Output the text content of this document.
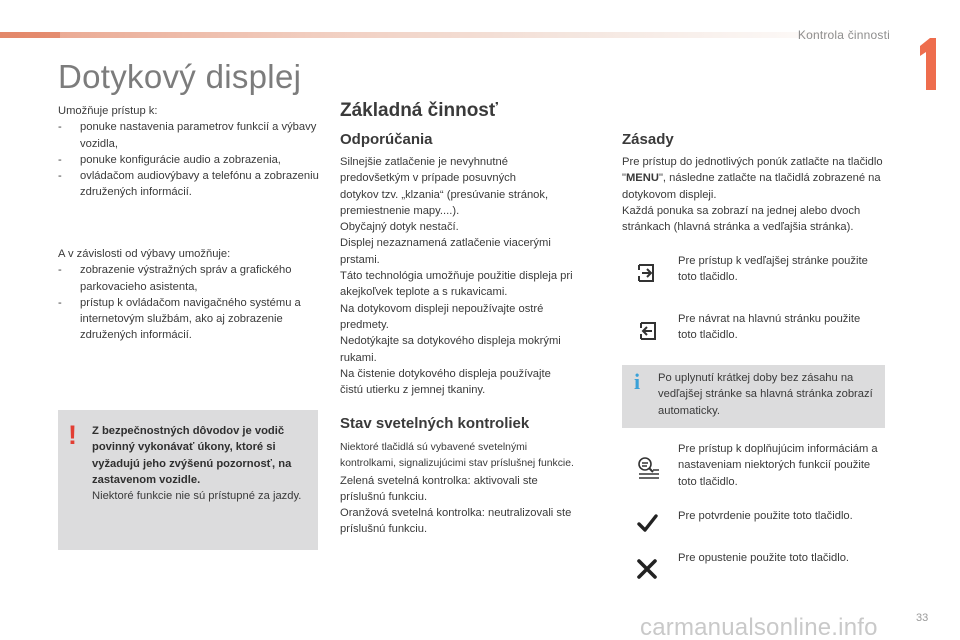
Kontrola činnosti
Dotykový displej
Umožňuje prístup k:
- ponuke nastavenia parametrov funkcií a výbavy vozidla,
- ponuke konfigurácie audio a zobrazenia,
- ovládačom audiovýbavy a telefónu a zobrazeniu združených informácií.
A v závislosti od výbavy umožňuje:
- zobrazenie výstražných správ a grafického parkovacieho asistenta,
- prístup k ovládačom navigačného systému a internetovým službám, ako aj zobrazenie združených informácií.
! Z bezpečnostných dôvodov je vodič povinný vykonávať úkony, ktoré si vyžadujú jeho zvýšenú pozornosť, na zastavenom vozidle.
Niektoré funkcie nie sú prístupné za jazdy.
Základná činnosť
Odporúčania
Silnejšie zatlačenie je nevyhnutné
predovšetkým v prípade posuvných
dotykov tzv. „klzania“ (presúvanie stránok,
premiestnenie mapy....).
Obyčajný dotyk nestačí.
Displej nezaznamená zatlačenie viacerými
prstami.
Táto technológia umožňuje použitie displeja pri
akejkoľvek teplote a s rukavicami.
Na dotykovom displeji nepoužívajte ostré
predmety.
Nedotýkajte sa dotykového displeja mokrými
rukami.
Na čistenie dotykového displeja používajte
čistú utierku z jemnej tkaniny.
Stav svetelných kontroliek
Niektoré tlačidlá sú vybavené svetelnými
kontrolkami, signalizujúcimi stav príslušnej funkcie.
Zelená svetelná kontrolka: aktivovali ste
príslušnú funkciu.
Oranžová svetelná kontrolka: neutralizovali ste
príslušnú funkciu.
Zásady
Pre prístup do jednotlivých ponúk zatlačte na tlačidlo "MENU", následne zatlačte na tlačidlá zobrazené na dotykovom displeji.
Každá ponuka sa zobrazí na jednej alebo dvoch stránkach (hlavná stránka a vedľajšia stránka).
Pre prístup k vedľajšej stránke použite toto tlačidlo.
Pre návrat na hlavnú stránku použite toto tlačidlo.
i Po uplynutí krátkej doby bez zásahu na vedľajšej stránke sa hlavná stránka zobrazí automaticky.
Pre prístup k doplňujúcim informáciám a nastaveniam niektorých funkcií použite toto tlačidlo.
Pre potvrdenie použite toto tlačidlo.
Pre opustenie použite toto tlačidlo.
33
carmanualsonline.info
